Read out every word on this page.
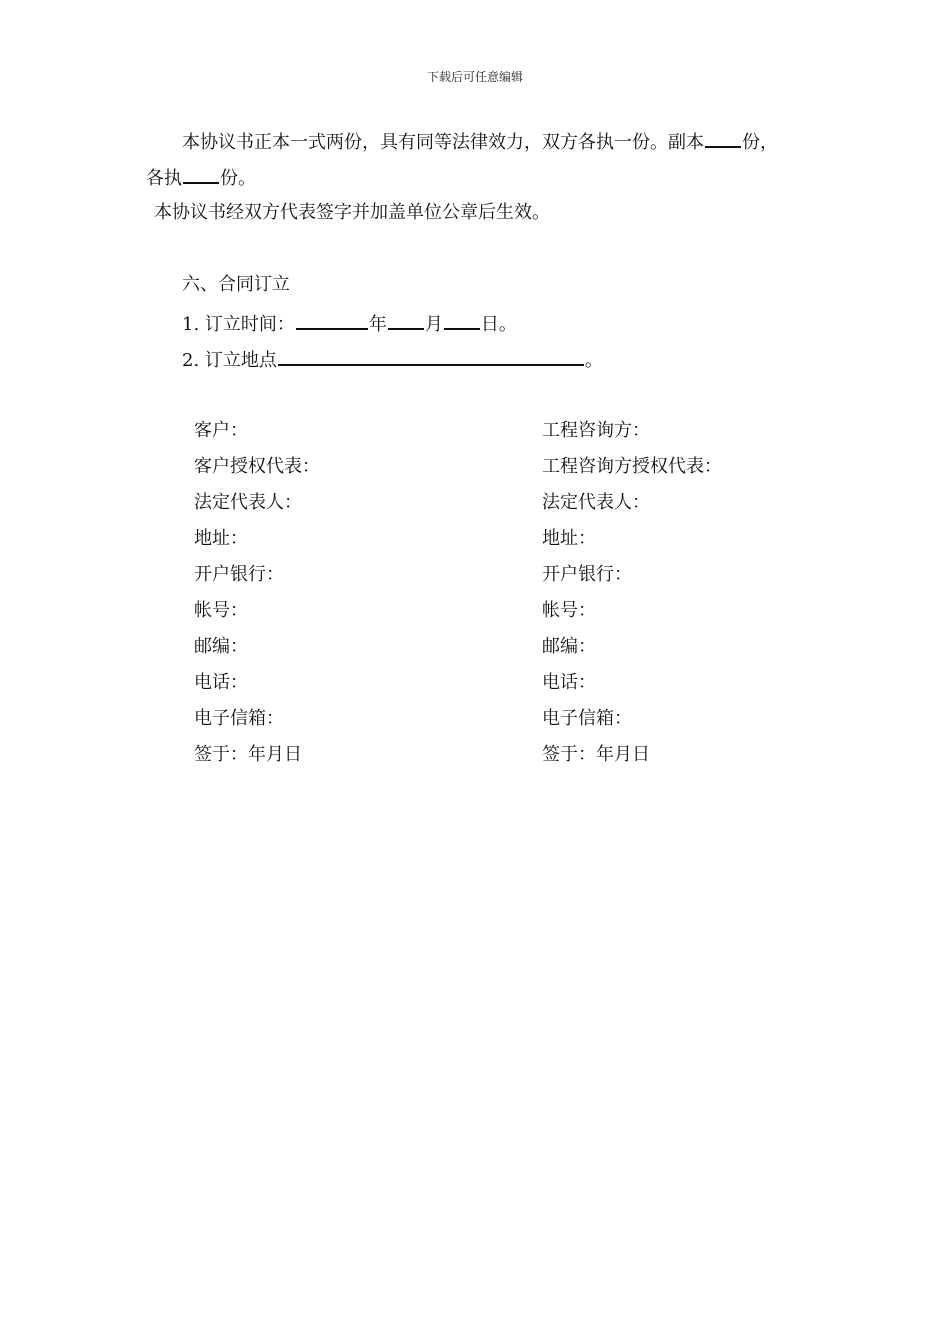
下载后可任意编辑
本协议书正本一式两份，具有同等法律效力，双方各执一份。副本 份，
各执 份。
本协议书经双方代表签字并加盖单位公章后生效。
六、合同订立
1. 订立时间：	年 月 日。
2. 订立地点	。
客户：
客户授权代表：
法定代表人：
地址：
开户银行：
帐号：
邮编：
电话：
电子信箱：
签于：年月日
工程咨询方：
工程咨询方授权代表：
法定代表人：
地址：
开户银行：
帐号：
邮编：
电话：
电子信箱：
签于：年月日
